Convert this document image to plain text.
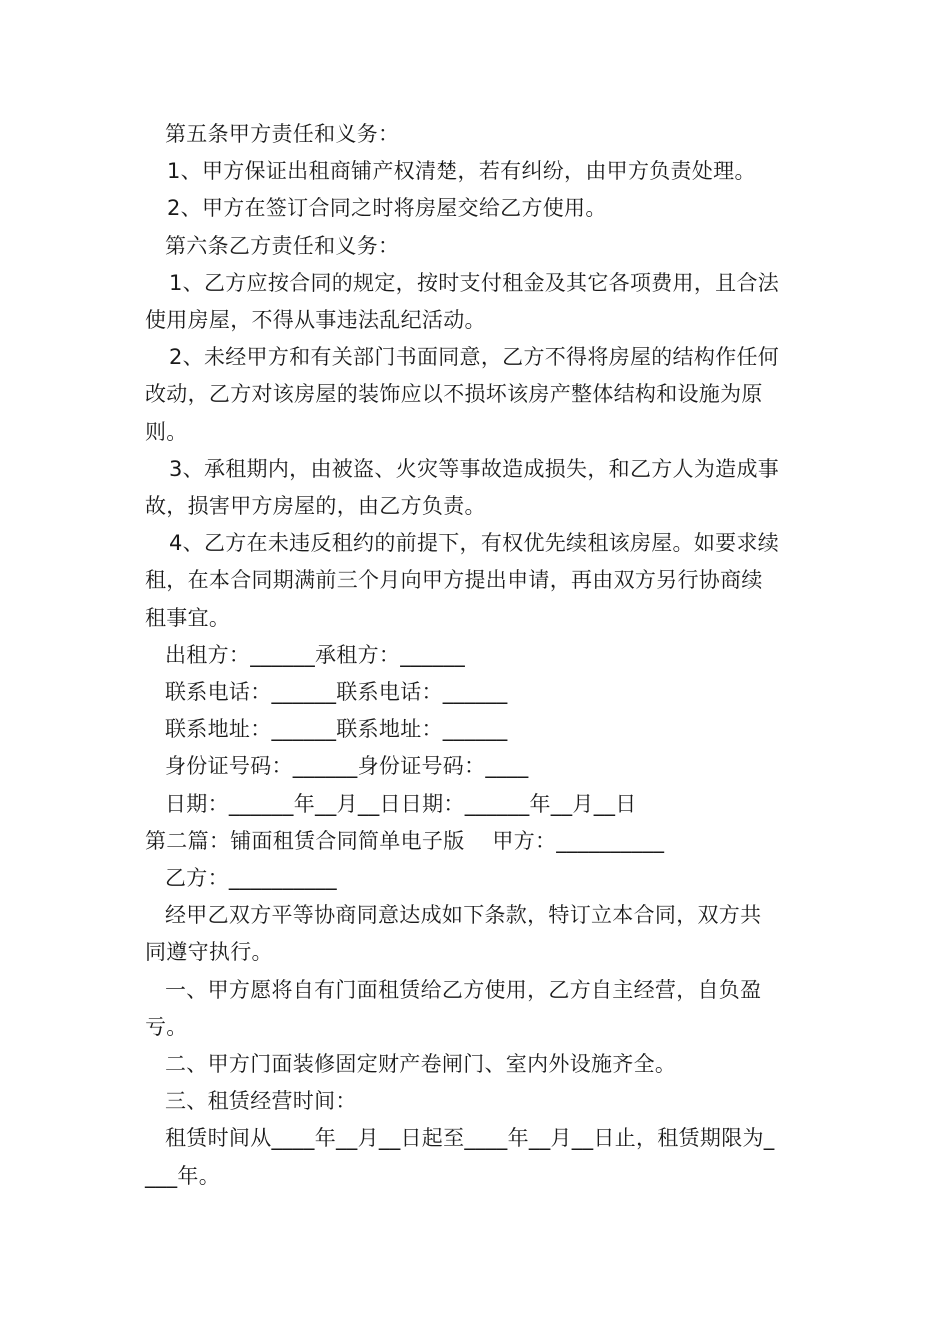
第五条甲方责任和义务：

1、甲方保证出租商铺产权清楚，若有纠纷，由甲方负责处理。

2、甲方在签订合同之时将房屋交给乙方使用。

第六条乙方责任和义务：

1、乙方应按合同的规定，按时支付租金及其它各项费用，且合法

使用房屋，不得从事违法乱纪活动。

2、未经甲方和有关部门书面同意，乙方不得将房屋的结构作任何

改动，乙方对该房屋的装饰应以不损坏该房产整体结构和设施为原

则。

3、承租期内，由被盗、火灾等事故造成损失，和乙方人为造成事

故，损害甲方房屋的，由乙方负责。

4、乙方在未违反租约的前提下，有权优先续租该房屋。如要求续

租，在本合同期满前三个月向甲方提出申请，再由双方另行协商续

租事宜。

出租方：______承租方：______

联系电话：______联系电话：______

联系地址：______联系地址：______

身份证号码：______身份证号码：____

日期：______年__月__日日期：______年__月__日

第二篇：铺面租赁合同简单电子版    甲方：__________

乙方：__________

经甲乙双方平等协商同意达成如下条款，特订立本合同，双方共

同遵守执行。

一、甲方愿将自有门面租赁给乙方使用，乙方自主经营，自负盈

亏。

二、甲方门面装修固定财产卷闸门、室内外设施齐全。

三、租赁经营时间：

租赁时间从____年__月__日起至____年__月__日止，租赁期限为_

___年。
